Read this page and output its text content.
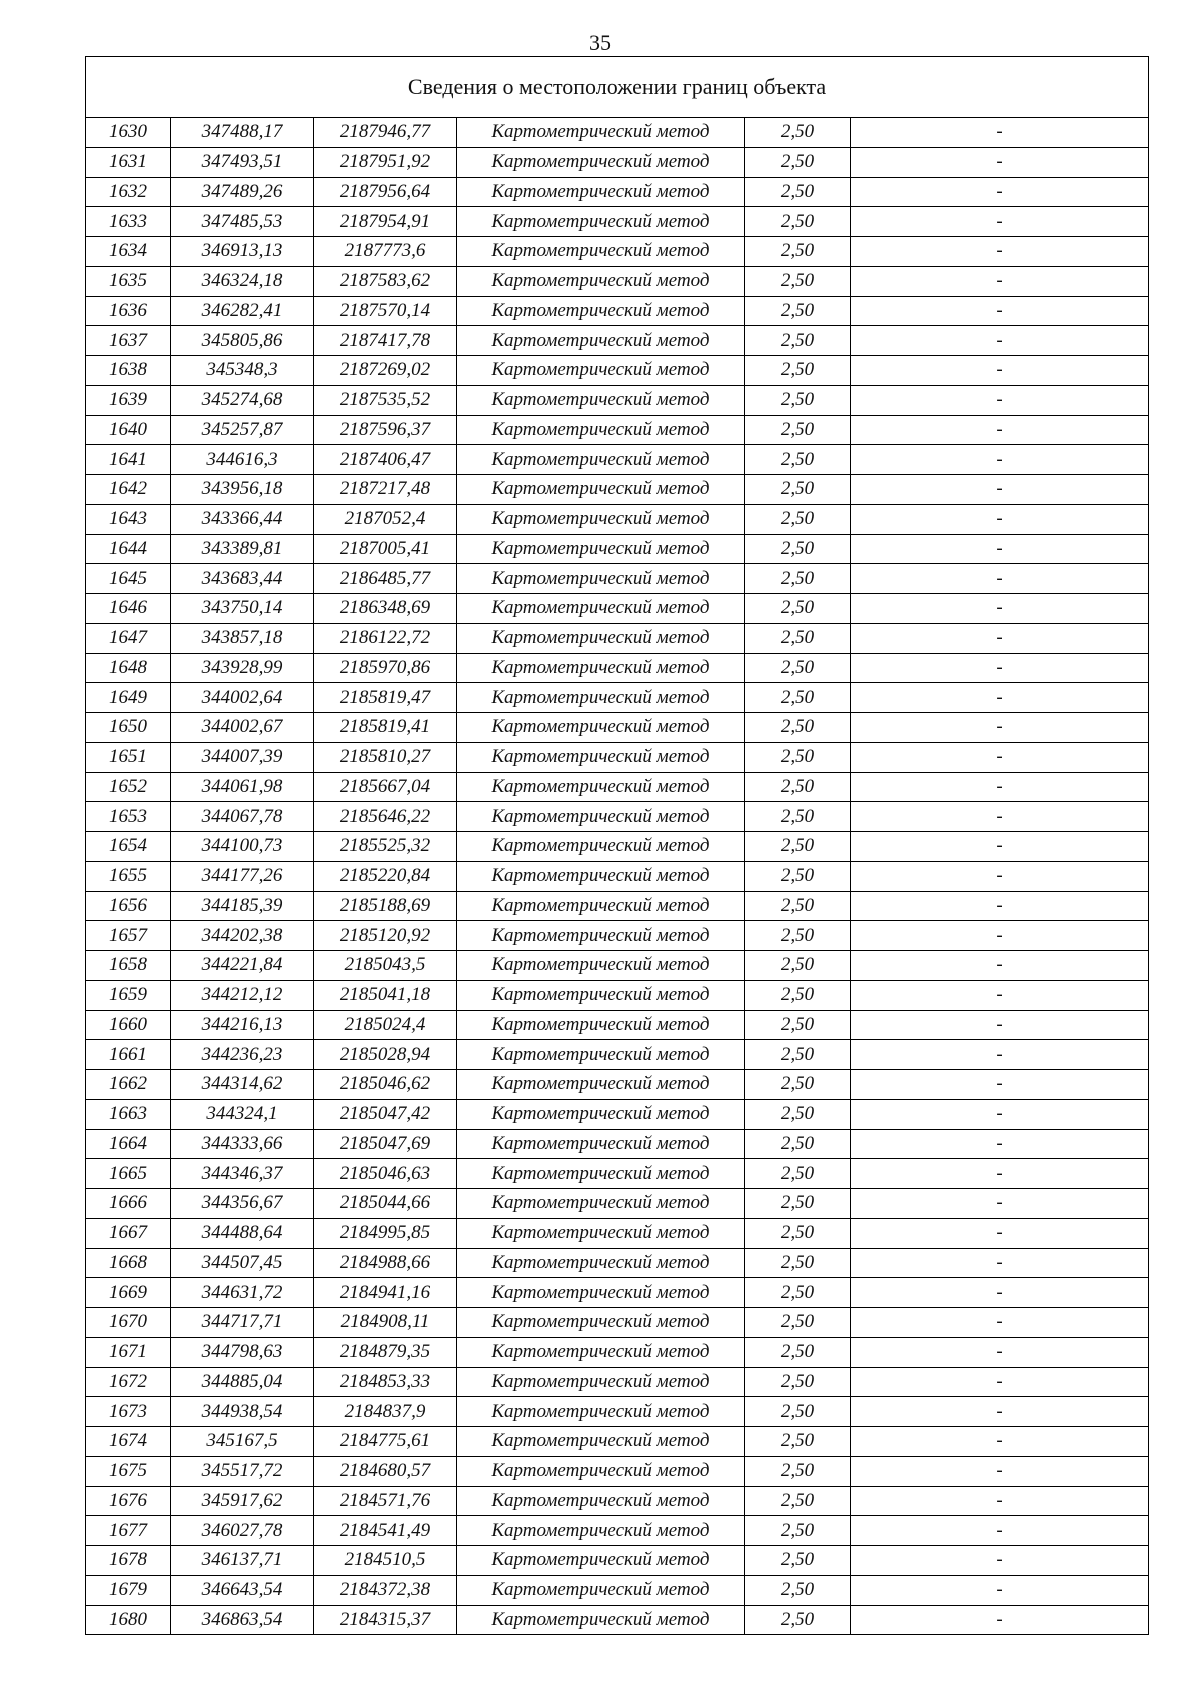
35
Сведения о местоположении границ объекта					
1630	347488,17	2187946,77	Картометрический метод	2,50	-
1631	347493,51	2187951,92	Картометрический метод	2,50	-
1632	347489,26	2187956,64	Картометрический метод	2,50	-
1633	347485,53	2187954,91	Картометрический метод	2,50	-
1634	346913,13	2187773,6	Картометрический метод	2,50	-
1635	346324,18	2187583,62	Картометрический метод	2,50	-
1636	346282,41	2187570,14	Картометрический метод	2,50	-
1637	345805,86	2187417,78	Картометрический метод	2,50	-
1638	345348,3	2187269,02	Картометрический метод	2,50	-
1639	345274,68	2187535,52	Картометрический метод	2,50	-
1640	345257,87	2187596,37	Картометрический метод	2,50	-
1641	344616,3	2187406,47	Картометрический метод	2,50	-
1642	343956,18	2187217,48	Картометрический метод	2,50	-
1643	343366,44	2187052,4	Картометрический метод	2,50	-
1644	343389,81	2187005,41	Картометрический метод	2,50	-
1645	343683,44	2186485,77	Картометрический метод	2,50	-
1646	343750,14	2186348,69	Картометрический метод	2,50	-
1647	343857,18	2186122,72	Картометрический метод	2,50	-
1648	343928,99	2185970,86	Картометрический метод	2,50	-
1649	344002,64	2185819,47	Картометрический метод	2,50	-
1650	344002,67	2185819,41	Картометрический метод	2,50	-
1651	344007,39	2185810,27	Картометрический метод	2,50	-
1652	344061,98	2185667,04	Картометрический метод	2,50	-
1653	344067,78	2185646,22	Картометрический метод	2,50	-
1654	344100,73	2185525,32	Картометрический метод	2,50	-
1655	344177,26	2185220,84	Картометрический метод	2,50	-
1656	344185,39	2185188,69	Картометрический метод	2,50	-
1657	344202,38	2185120,92	Картометрический метод	2,50	-
1658	344221,84	2185043,5	Картометрический метод	2,50	-
1659	344212,12	2185041,18	Картометрический метод	2,50	-
1660	344216,13	2185024,4	Картометрический метод	2,50	-
1661	344236,23	2185028,94	Картометрический метод	2,50	-
1662	344314,62	2185046,62	Картометрический метод	2,50	-
1663	344324,1	2185047,42	Картометрический метод	2,50	-
1664	344333,66	2185047,69	Картометрический метод	2,50	-
1665	344346,37	2185046,63	Картометрический метод	2,50	-
1666	344356,67	2185044,66	Картометрический метод	2,50	-
1667	344488,64	2184995,85	Картометрический метод	2,50	-
1668	344507,45	2184988,66	Картометрический метод	2,50	-
1669	344631,72	2184941,16	Картометрический метод	2,50	-
1670	344717,71	2184908,11	Картометрический метод	2,50	-
1671	344798,63	2184879,35	Картометрический метод	2,50	-
1672	344885,04	2184853,33	Картометрический метод	2,50	-
1673	344938,54	2184837,9	Картометрический метод	2,50	-
1674	345167,5	2184775,61	Картометрический метод	2,50	-
1675	345517,72	2184680,57	Картометрический метод	2,50	-
1676	345917,62	2184571,76	Картометрический метод	2,50	-
1677	346027,78	2184541,49	Картометрический метод	2,50	-
1678	346137,71	2184510,5	Картометрический метод	2,50	-
1679	346643,54	2184372,38	Картометрический метод	2,50	-
1680	346863,54	2184315,37	Картометрический метод	2,50	-
